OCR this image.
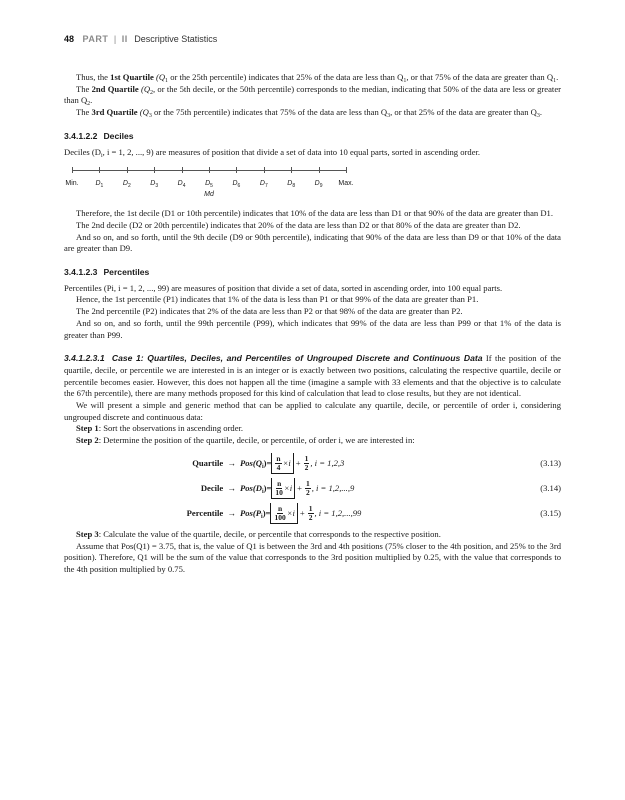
48 PART | II Descriptive Statistics

Thus, the 1st Quartile ($Q_1$ or the 25th percentile) indicates that 25% of the data are less than $Q_1$, or that 75% of the data are greater than $Q_1$.

The 2nd Quartile ($Q_2$, or the 5th decile, or the 50th percentile) corresponds to the median, indicating that 50% of the data are less or greater than $Q_2$.

The 3rd Quartile ($Q_3$ or the 75th percentile) indicates that 75% of the data are less than $Q_3$, or that 25% of the data are greater than $Q_3$.

3.4.1.2.2 Deciles

Deciles ($D_i$, i = 1, 2, ..., 9) are measures of position that divide a set of data into 10 equal parts, sorted in ascending order.

Min. $D_1$	$D_2$	$D_3$	$D_4$	$D_5$	$D_6$	$D_7$	$D_8$	$D_9$ Max.
Md

Therefore, the 1st decile (D1 or 10th percentile) indicates that 10% of the data are less than D1 or that 90% of the data are greater than D1.

The 2nd decile (D2 or 20th percentile) indicates that 20% of the data are less than D2 or that 80% of the data are greater than D2.

And so on, and so forth, until the 9th decile (D9 or 90th percentile), indicating that 90% of the data are less than D9 or that 10% of the data are greater than D9.

3.4.1.2.3 Percentiles

Percentiles (Pi, i = 1, 2, ..., 99) are measures of position that divide a set of data, sorted in ascending order, into 100 equal parts.

Hence, the 1st percentile (P1) indicates that 1% of the data is less than P1 or that 99% of the data are greater than P1.

The 2nd percentile (P2) indicates that 2% of the data are less than P2 or that 98% of the data are greater than P2.

And so on, and so forth, until the 99th percentile (P99), which indicates that 99% of the data are less than P99 or that 1% of the data is greater than P99.

3.4.1.2.3.1 Case 1: Quartiles, Deciles, and Percentiles of Ungrouped Discrete and Continuous Data If the position of the quartile, decile, or percentile we are interested in is an integer or is exactly between two positions, calculating the respective quartile, decile or percentile becomes easier. However, this does not happen all the time (imagine a sample with 33 elements and that the objective is to calculate the 67th percentile), there are many methods proposed for this kind of calculation that lead to close results, but they are not identical.

We will present a simple and generic method that can be applied to calculate any quartile, decile, or percentile of order i, considering ungrouped discrete and continuous data:

Step 1: Sort the observations in ascending order.

Step 2: Determine the position of the quartile, decile, or percentile, of order i, we are interested in:

Quartile → $Pos(Q_i)= \frac{n}{4} \times i + \frac{1}{2}$ , i = 1,2,3	(3.13)
Decile → $Pos(D_i)= \frac{n}{10} \times i + \frac{1}{2}$ , i = 1,2,...,9	(3.14)
Percentile → $Pos(P_i)= \frac{n}{100} \times i + \frac{1}{2}$ , i = 1,2,...,99	(3.15)

Step 3: Calculate the value of the quartile, decile, or percentile that corresponds to the respective position.

Assume that Pos(Q1) = 3.75, that is, the value of Q1 is between the 3rd and 4th positions (75% closer to the 4th position, and 25% to the 3rd position). Therefore, Q1 will be the sum of the value that corresponds to the 3rd position multiplied by 0.25, with the value that corresponds to the 4th position multiplied by 0.75.
